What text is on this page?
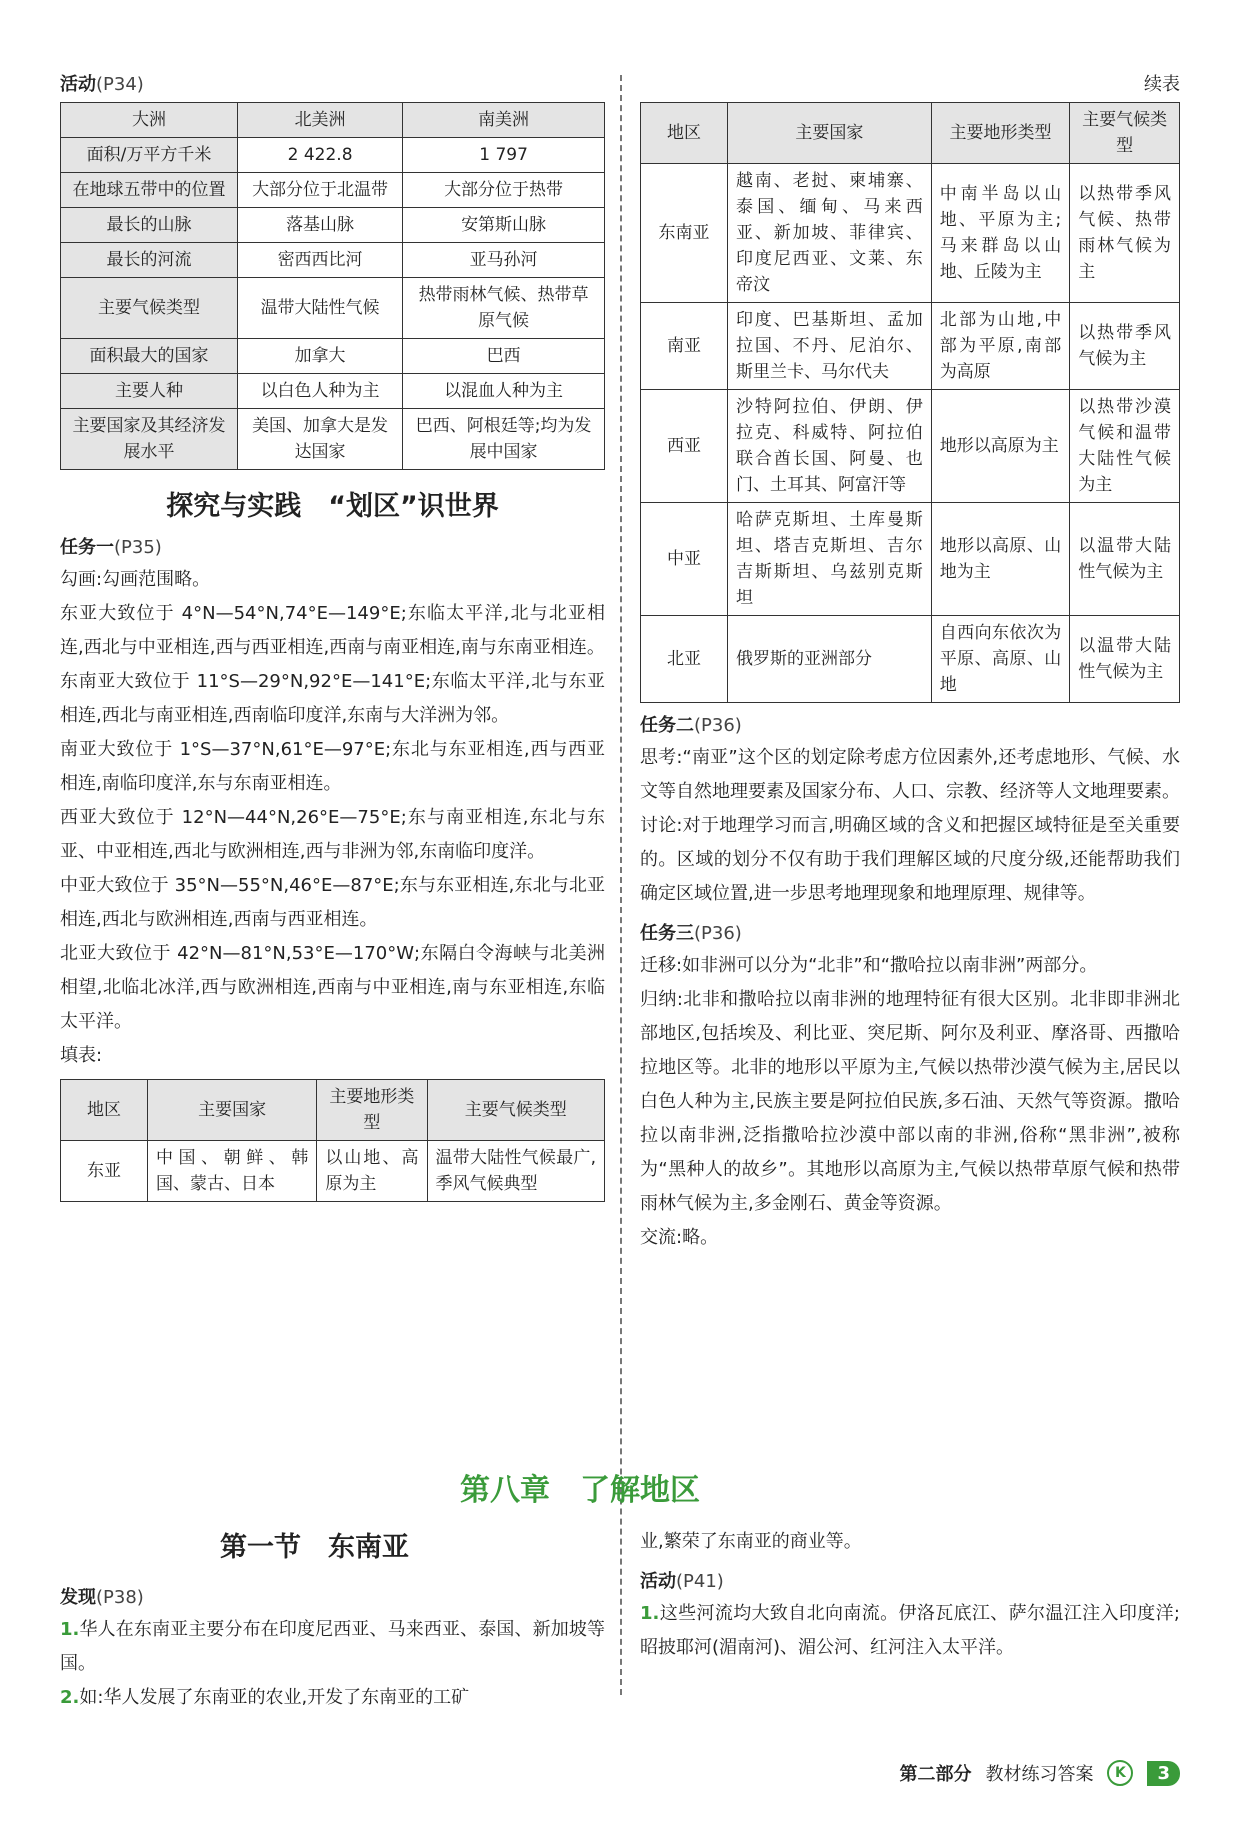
活动(P34)
大洲	北美洲	南美洲
面积/万平方千米	2 422.8	1 797
在地球五带中的位置	大部分位于北温带	大部分位于热带
最长的山脉	落基山脉	安第斯山脉
最长的河流	密西西比河	亚马孙河
主要气候类型	温带大陆性气候	热带雨林气候、热带草原气候
面积最大的国家	加拿大	巴西
主要人种	以白色人种为主	以混血人种为主
主要国家及其经济发展水平	美国、加拿大是发达国家	巴西、阿根廷等;均为发展中国家
探究与实践　“划区”识世界
任务一(P35)

勾画:勾画范围略。

东亚大致位于 4°N—54°N,74°E—149°E;东临太平洋,北与北亚相连,西北与中亚相连,西与西亚相连,西南与南亚相连,南与东南亚相连。

东南亚大致位于 11°S—29°N,92°E—141°E;东临太平洋,北与东亚相连,西北与南亚相连,西南临印度洋,东南与大洋洲为邻。

南亚大致位于 1°S—37°N,61°E—97°E;东北与东亚相连,西与西亚相连,南临印度洋,东与东南亚相连。

西亚大致位于 12°N—44°N,26°E—75°E;东与南亚相连,东北与东亚、中亚相连,西北与欧洲相连,西与非洲为邻,东南临印度洋。

中亚大致位于 35°N—55°N,46°E—87°E;东与东亚相连,东北与北亚相连,西北与欧洲相连,西南与西亚相连。

北亚大致位于 42°N—81°N,53°E—170°W;东隔白令海峡与北美洲相望,北临北冰洋,西与欧洲相连,西南与中亚相连,南与东亚相连,东临太平洋。

填表:

地区	主要国家	主要地形类型	主要气候类型
东亚	中国、朝鲜、韩国、蒙古、日本	以山地、高原为主	温带大陆性气候最广,季风气候典型
续表
地区	主要国家	主要地形类型	主要气候类型
东南亚	越南、老挝、柬埔寨、泰国、缅甸、马来西亚、新加坡、菲律宾、印度尼西亚、文莱、东帝汶	中南半岛以山地、平原为主;马来群岛以山地、丘陵为主	以热带季风气候、热带雨林气候为主
南亚	印度、巴基斯坦、孟加拉国、不丹、尼泊尔、斯里兰卡、马尔代夫	北部为山地,中部为平原,南部为高原	以热带季风气候为主
西亚	沙特阿拉伯、伊朗、伊拉克、科威特、阿拉伯联合酋长国、阿曼、也门、土耳其、阿富汗等	地形以高原为主	以热带沙漠气候和温带大陆性气候为主
中亚	哈萨克斯坦、土库曼斯坦、塔吉克斯坦、吉尔吉斯斯坦、乌兹别克斯坦	地形以高原、山地为主	以温带大陆性气候为主
北亚	俄罗斯的亚洲部分	自西向东依次为平原、高原、山地	以温带大陆性气候为主
任务二(P36)

思考:“南亚”这个区的划定除考虑方位因素外,还考虑地形、气候、水文等自然地理要素及国家分布、人口、宗教、经济等人文地理要素。

讨论:对于地理学习而言,明确区域的含义和把握区域特征是至关重要的。区域的划分不仅有助于我们理解区域的尺度分级,还能帮助我们确定区域位置,进一步思考地理现象和地理原理、规律等。

任务三(P36)

迁移:如非洲可以分为“北非”和“撒哈拉以南非洲”两部分。

归纳:北非和撒哈拉以南非洲的地理特征有很大区别。北非即非洲北部地区,包括埃及、利比亚、突尼斯、阿尔及利亚、摩洛哥、西撒哈拉地区等。北非的地形以平原为主,气候以热带沙漠气候为主,居民以白色人种为主,民族主要是阿拉伯民族,多石油、天然气等资源。撒哈拉以南非洲,泛指撒哈拉沙漠中部以南的非洲,俗称“黑非洲”,被称为“黑种人的故乡”。其地形以高原为主,气候以热带草原气候和热带雨林气候为主,多金刚石、黄金等资源。

交流:略。

第八章　了解地区
第一节　东南亚
发现(P38)

1.华人在东南亚主要分布在印度尼西亚、马来西亚、泰国、新加坡等国。

2.如:华人发展了东南亚的农业,开发了东南亚的工矿

业,繁荣了东南亚的商业等。

活动(P41)

1.这些河流均大致自北向南流。伊洛瓦底江、萨尔温江注入印度洋;昭披耶河(湄南河)、湄公河、红河注入太平洋。

第二部分 教材练习答案	K	3
